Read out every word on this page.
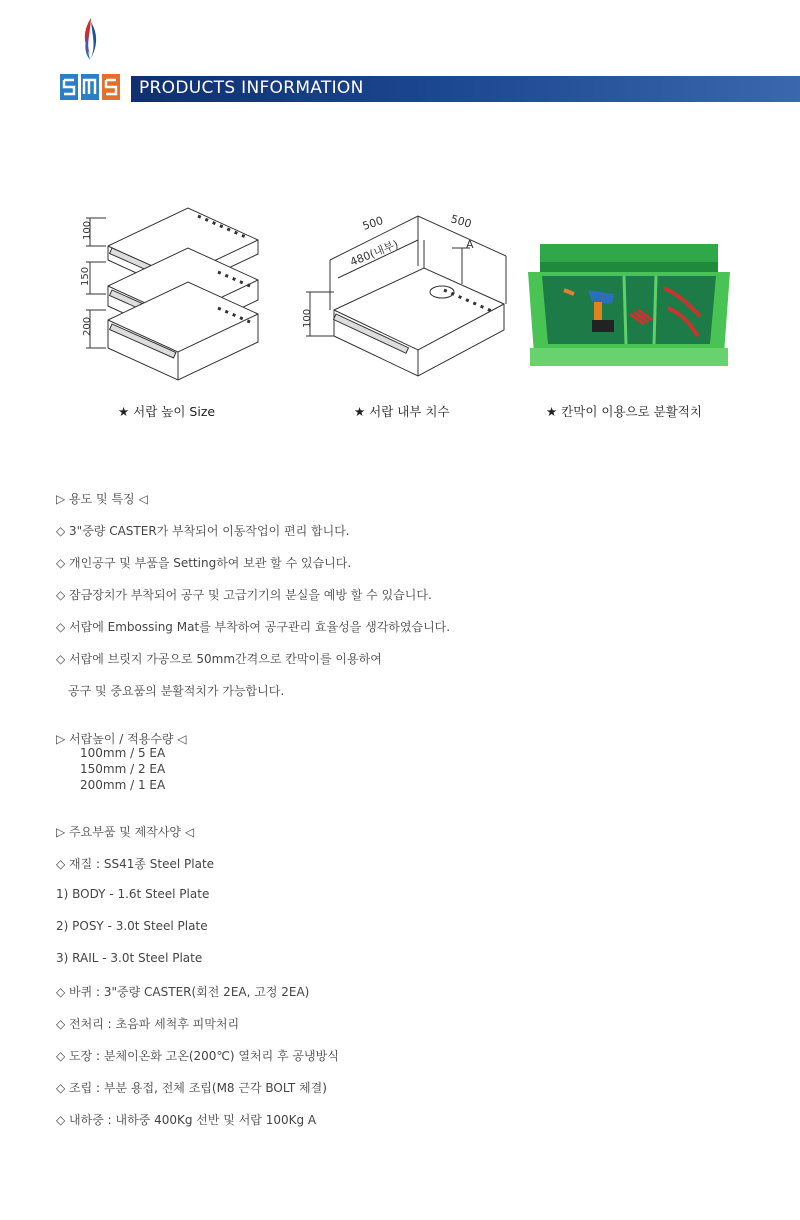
PRODUCTS INFORMATION
100
150
200
★ 서랍 높이 Size
500	500
480(내부)	A
100
★ 서랍 내부 치수	★ 칸막이 이용으로 분활적치
▷ 용도 및 특징 ◁
◇ 3"중량 CASTER가 부착되어 이동작업이 편리 합니다.
◇ 개인공구 및 부품을 Setting하여 보관 할 수 있습니다.
◇ 잠금장치가 부착되어 공구 및 고급기기의 분실을 예방 할 수 있습니다.
◇ 서랍에 Embossing Mat를 부착하여 공구관리 효율성을 생각하였습니다.
◇ 서랍에 브릿지 가공으로 50mm간격으로 칸막이를 이용하여
공구 및 중요품의 분활적치가 가능합니다.
▷ 서랍높이 / 적용수량 ◁
100mm / 5 EA
150mm / 2 EA
200mm / 1 EA
▷ 주요부품 및 제작사양 ◁
◇ 재질 : SS41종 Steel Plate
1) BODY - 1.6t Steel Plate
2) POSY - 3.0t Steel Plate
3) RAIL - 3.0t Steel Plate
◇ 바퀴 : 3"중량 CASTER(회전 2EA, 고정 2EA)
◇ 전처리 : 초음파 세척후 피막처리
◇ 도장 : 분체이온화 고온(200℃) 열처리 후 공냉방식
◇ 조립 : 부분 용접, 전체 조립(M8 근각 BOLT 체결)
◇ 내하중 : 내하중 400Kg 선반 및 서랍 100Kg A
